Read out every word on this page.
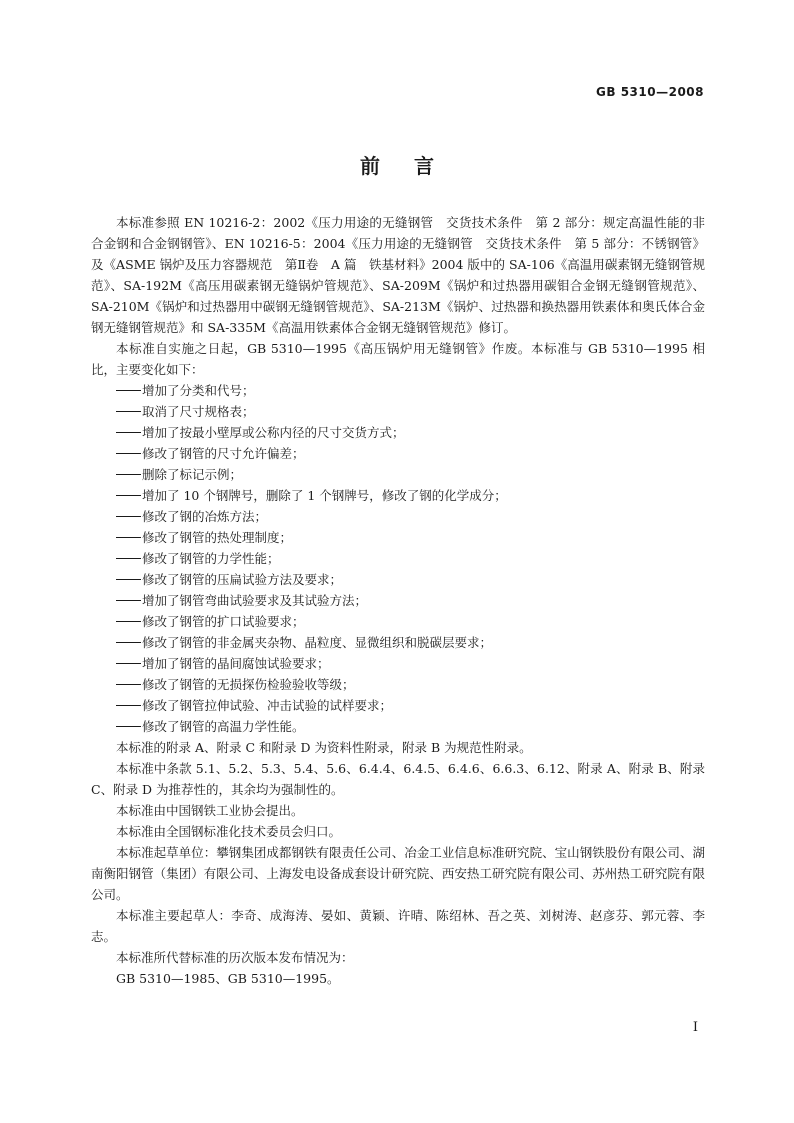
GB 5310—2008
前言

本标准参照 EN 10216-2：2002《压力用途的无缝钢管　交货技术条件　第 2 部分：规定高温性能的非合金钢和合金钢钢管》、EN 10216-5：2004《压力用途的无缝钢管　交货技术条件　第 5 部分：不锈钢管》及《ASME 锅炉及压力容器规范　第Ⅱ卷　A 篇　铁基材料》2004 版中的 SA-106《高温用碳素钢无缝钢管规范》、SA-192M《高压用碳素钢无缝锅炉管规范》、SA-209M《锅炉和过热器用碳钼合金钢无缝钢管规范》、SA-210M《锅炉和过热器用中碳钢无缝钢管规范》、SA-213M《锅炉、过热器和换热器用铁素体和奥氏体合金钢无缝钢管规范》和 SA-335M《高温用铁素体合金钢无缝钢管规范》修订。

本标准自实施之日起，GB 5310—1995《高压锅炉用无缝钢管》作废。本标准与 GB 5310—1995 相比，主要变化如下：

增加了分类和代号；
取消了尺寸规格表；
增加了按最小壁厚或公称内径的尺寸交货方式；
修改了钢管的尺寸允许偏差；
删除了标记示例；
增加了 10 个钢牌号，删除了 1 个钢牌号，修改了钢的化学成分；
修改了钢的冶炼方法；
修改了钢管的热处理制度；
修改了钢管的力学性能；
修改了钢管的压扁试验方法及要求；
增加了钢管弯曲试验要求及其试验方法；
修改了钢管的扩口试验要求；
修改了钢管的非金属夹杂物、晶粒度、显微组织和脱碳层要求；
增加了钢管的晶间腐蚀试验要求；
修改了钢管的无损探伤检验验收等级；
修改了钢管拉伸试验、冲击试验的试样要求；
修改了钢管的高温力学性能。

本标准的附录 A、附录 C 和附录 D 为资料性附录，附录 B 为规范性附录。

本标准中条款 5.1、5.2、5.3、5.4、5.6、6.4.4、6.4.5、6.4.6、6.6.3、6.12、附录 A、附录 B、附录 C、附录 D 为推荐性的，其余均为强制性的。

本标准由中国钢铁工业协会提出。

本标准由全国钢标准化技术委员会归口。

本标准起草单位：攀钢集团成都钢铁有限责任公司、冶金工业信息标准研究院、宝山钢铁股份有限公司、湖南衡阳钢管（集团）有限公司、上海发电设备成套设计研究院、西安热工研究院有限公司、苏州热工研究院有限公司。

本标准主要起草人：李奇、成海涛、晏如、黄颖、许晴、陈绍林、吾之英、刘树涛、赵彦芬、郭元蓉、李志。

本标准所代替标准的历次版本发布情况为：

GB 5310—1985、GB 5310—1995。

I
